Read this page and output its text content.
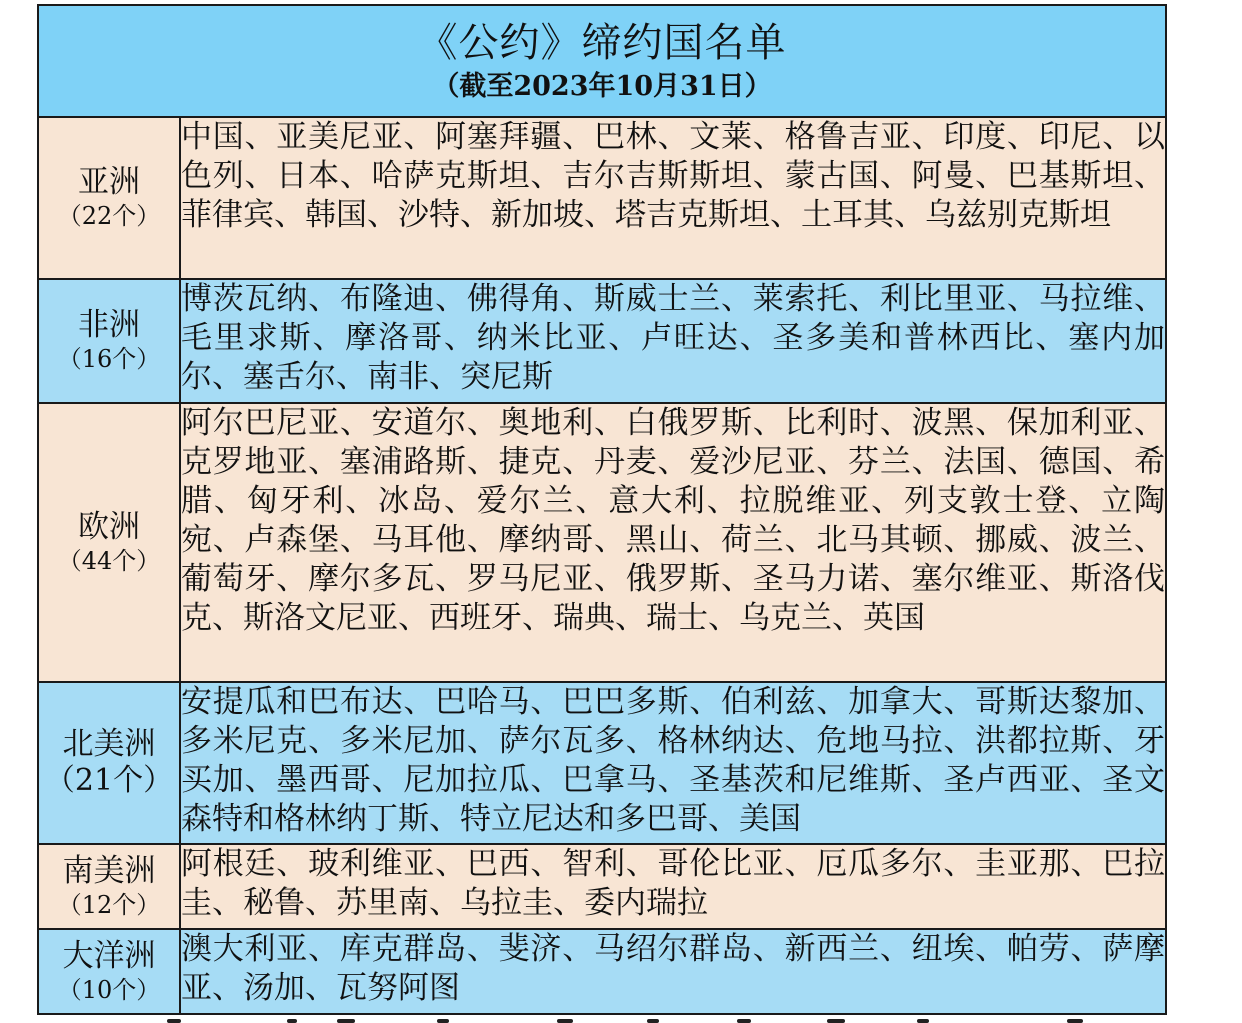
《公约》缔约国名单
（截至2023年10月31日）	

亚洲
（22个）	中国、亚美尼亚、阿塞拜疆、巴林、文莱、格鲁吉亚、印度、印尼、以色列、日本、哈萨克斯坦、吉尔吉斯斯坦、蒙古国、阿曼、巴基斯坦、菲律宾、韩国、沙特、新加坡、塔吉克斯坦、土耳其、乌兹别克斯坦

非洲
（16个）	博茨瓦纳、布隆迪、佛得角、斯威士兰、莱索托、利比里亚、马拉维、毛里求斯、摩洛哥、纳米比亚、卢旺达、圣多美和普林西比、塞内加尔、塞舌尔、南非、突尼斯

欧洲
（44个）	阿尔巴尼亚、安道尔、奥地利、白俄罗斯、比利时、波黑、保加利亚、克罗地亚、塞浦路斯、捷克、丹麦、爱沙尼亚、芬兰、法国、德国、希腊、匈牙利、冰岛、爱尔兰、意大利、拉脱维亚、列支敦士登、立陶宛、卢森堡、马耳他、摩纳哥、黑山、荷兰、北马其顿、挪威、波兰、葡萄牙、摩尔多瓦、罗马尼亚、俄罗斯、圣马力诺、塞尔维亚、斯洛伐克、斯洛文尼亚、西班牙、瑞典、瑞士、乌克兰、英国

北美洲
（21个）	安提瓜和巴布达、巴哈马、巴巴多斯、伯利兹、加拿大、哥斯达黎加、多米尼克、多米尼加、萨尔瓦多、格林纳达、危地马拉、洪都拉斯、牙买加、墨西哥、尼加拉瓜、巴拿马、圣基茨和尼维斯、圣卢西亚、圣文森特和格林纳丁斯、特立尼达和多巴哥、美国

南美洲
（12个）	阿根廷、玻利维亚、巴西、智利、哥伦比亚、厄瓜多尔、圭亚那、巴拉圭、秘鲁、苏里南、乌拉圭、委内瑞拉

大洋洲
（10个）	澳大利亚、库克群岛、斐济、马绍尔群岛、新西兰、纽埃、帕劳、萨摩亚、汤加、瓦努阿图
